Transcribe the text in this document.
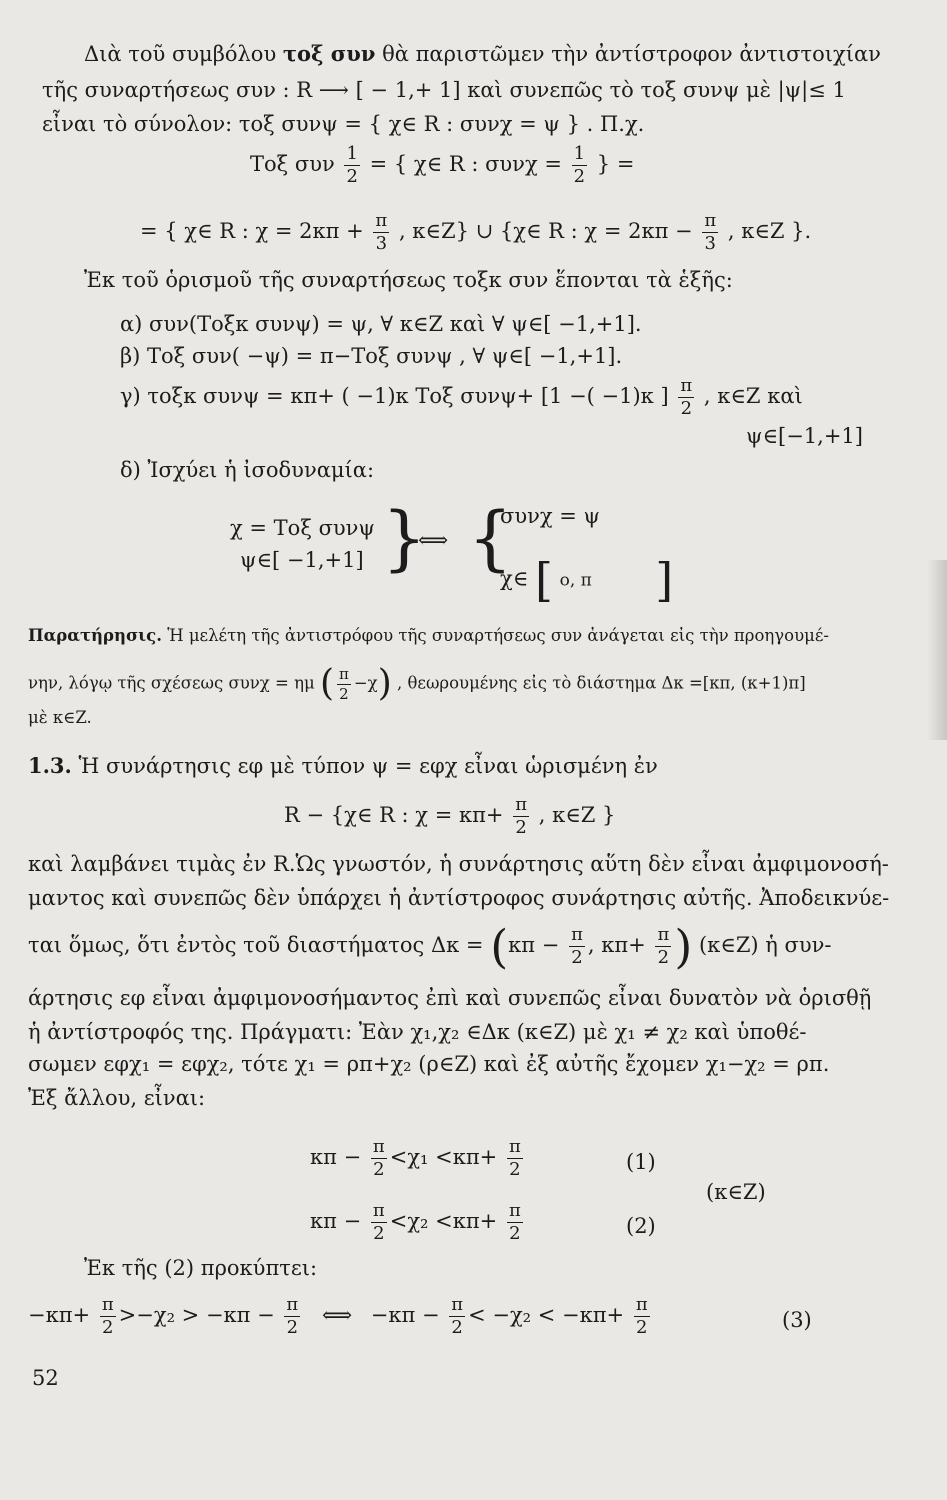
Διὰ τοῦ συμβόλου τοξ συν θὰ παριστῶμεν τὴν ἀντίστροφον ἀντιστοιχίαν
τῆς συναρτήσεως συν : R ⟶ [ − 1,+ 1] καὶ συνεπῶς τὸ τοξ συνψ μὲ |ψ|≤ 1
εἶναι τὸ σύνολον: τοξ συνψ = { χ∈ R : συνχ = ψ } . Π.χ.
Τοξ συν $\frac{1}{2}$ = { χ∈ R : $\sigma\upsilon\nu\chi = \frac{1}{2}$ } =
= { χ∈ R : $\chi = 2\kappa\pi + \frac{\pi}{3}$ , κ∈Z} ∪ {χ∈ R : $\chi = 2\kappa\pi - \frac{\pi}{3}$ , κ∈Z }.
Ἐκ τοῦ ὁρισμοῦ τῆς συναρτήσεως τοξκ συν ἕπονται τὰ ἑξῆς:
α) συν(Τοξκ συνψ) = ψ, ∀ κ∈Z καὶ ∀ ψ∈[ −1,+1].
β) Τοξ συν( −ψ) = π−Τοξ συνψ , ∀ ψ∈[ −1,+1].
γ) τοξκ συνψ = κπ+ ( −1)κ Τοξ συνψ+ [1 −( −1)κ ] $\frac{\pi}{2}$ , κ∈Z καὶ
ψ∈[−1,+1]
δ) Ἰσχύει ἡ ἰσοδυναμία:
χ = Τοξ συνψ
ψ∈[ −1,+1] }
⟺ {
συνχ = ψ
χ∈ [ ο, π ]
Παρατήρησις. Ἡ μελέτη τῆς ἀντιστρόφου τῆς συναρτήσεως συν ἀνάγεται εἰς τὴν προηγουμέ-
νην, λόγῳ τῆς σχέσεως συνχ = ημ ( $\frac{\pi}{2} -\chi$) , θεωρουμένης εἰς τὸ διάστημα Δκ =[κπ, (κ+1)π]
μὲ κ∈Z.
1.3. Ἡ συνάρτησις εφ μὲ τύπον ψ = εφχ εἶναι ὡρισμένη ἐν
R − {χ∈ R : $\chi = \kappa\pi+ \frac{\pi}{2}$ , κ∈Z }
καὶ λαμβάνει τιμὰς ἐν R.Ὡς γνωστόν, ἡ συνάρτησις αὕτη δὲν εἶναι ἀμφιμονοσή-
μαντος καὶ συνεπῶς δὲν ὑπάρχει ἡ ἀντίστροφος συνάρτησις αὐτῆς. Ἀποδεικνύε-
ται ὅμως, ὅτι ἐντὸς τοῦ διαστήματος $\Delta\kappa = (\kappa\pi - \frac{\pi}{2}$ , $\kappa\pi+ \frac{\pi}{2}$ ) (κ∈Z) ἡ συν-
άρτησις εφ εἶναι ἀμφιμονοσήμαντος ἐπὶ καὶ συνεπῶς εἶναι δυνατὸν νὰ ὁρισθῇ
ἡ ἀντίστροφός της. Πράγματι: Ἐὰν χ₁,χ₂ ∈Δκ (κ∈Z) μὲ χ₁ ≠ χ₂ καὶ ὑποθέ-
σωμεν εφχ₁ = εφχ₂, τότε χ₁ = ρπ+χ₂ (ρ∈Z) καὶ ἐξ αὐτῆς ἔχομεν χ₁−χ₂ = ρπ.
Ἐξ ἄλλου, εἶναι:
$\kappa\pi - \frac{\pi}{2} <\chi_1 <\kappa\pi+ \frac{\pi}{2}$	(1)
(κ∈Z)
$\kappa\pi - \frac{\pi}{2} <\chi_2 <\kappa\pi+ \frac{\pi}{2}$	(2)
Ἐκ τῆς (2) προκύπτει:
$-\kappa\pi+ \frac{\pi}{2} >-\chi_2 > -\kappa\pi - \frac{\pi}{2}$ ⟺ $-\kappa\pi - \frac{\pi}{2} < -\chi_2 < -\kappa\pi+ \frac{\pi}{2}$	(3)
52
